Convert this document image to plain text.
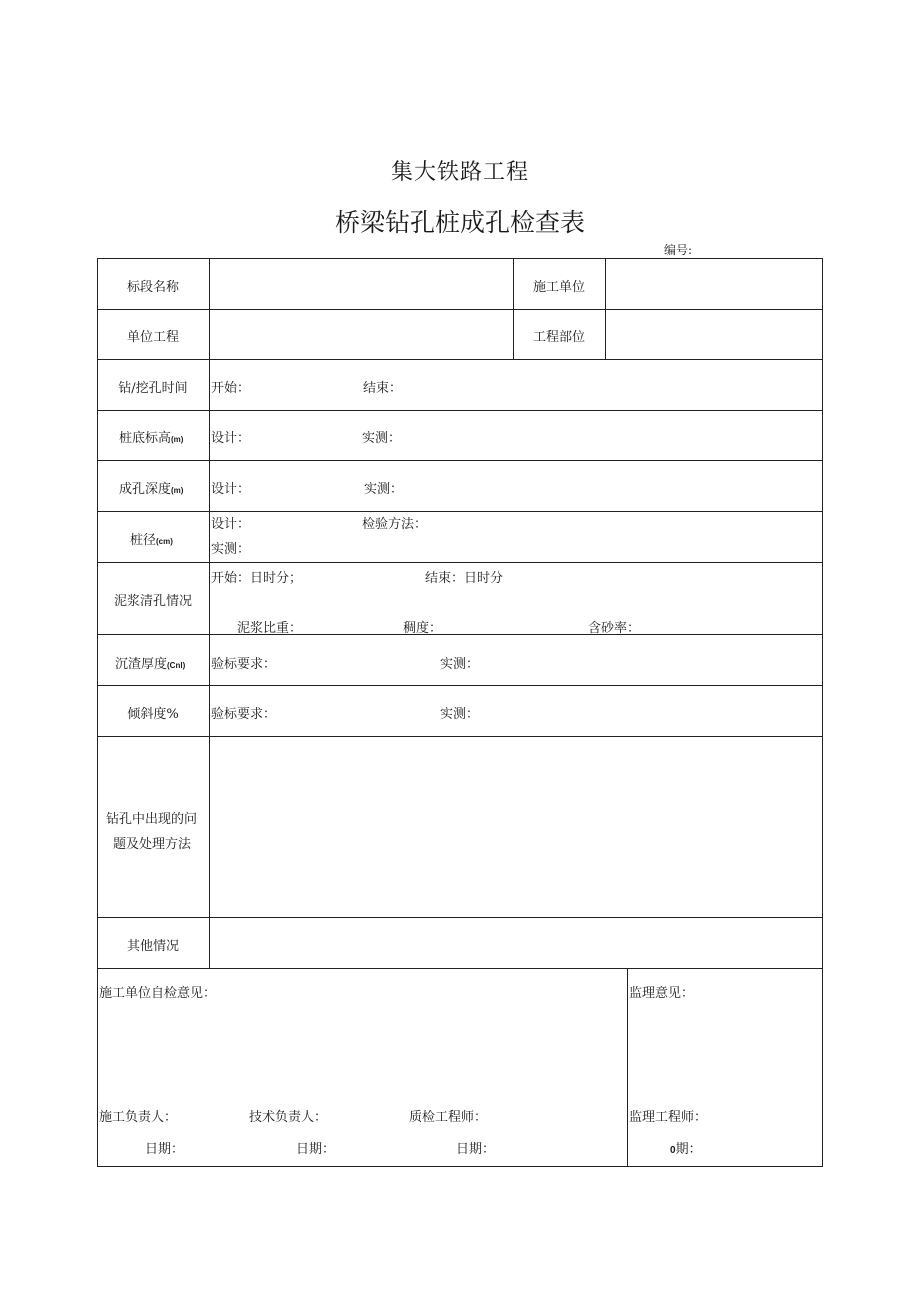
集大铁路工程
桥梁钻孔桩成孔检查表
编号:
标段名称	施工单位
单位工程	工程部位
钻/挖孔时间	开始：	结束：
桩底标高(m) 设计：	实测：
成孔深度(m) 设计：	实测：
桩径(cm)
设计：	检验方法：
实测：
泥浆清孔情况
开始：日时分；	结束：日时分
泥浆比重：	稠度：	含砂率：
沉渣厚度(Cnl) 验标要求：	实测：
倾斜度%	验标要求：	实测：
钻孔中出现的问
题及处理方法
其他情况
施工单位自检意见：	监理意见：
施工负责人：	技术负责人：	质检工程师：	监理工程师：
日期：	日期：	日期：	0期：
